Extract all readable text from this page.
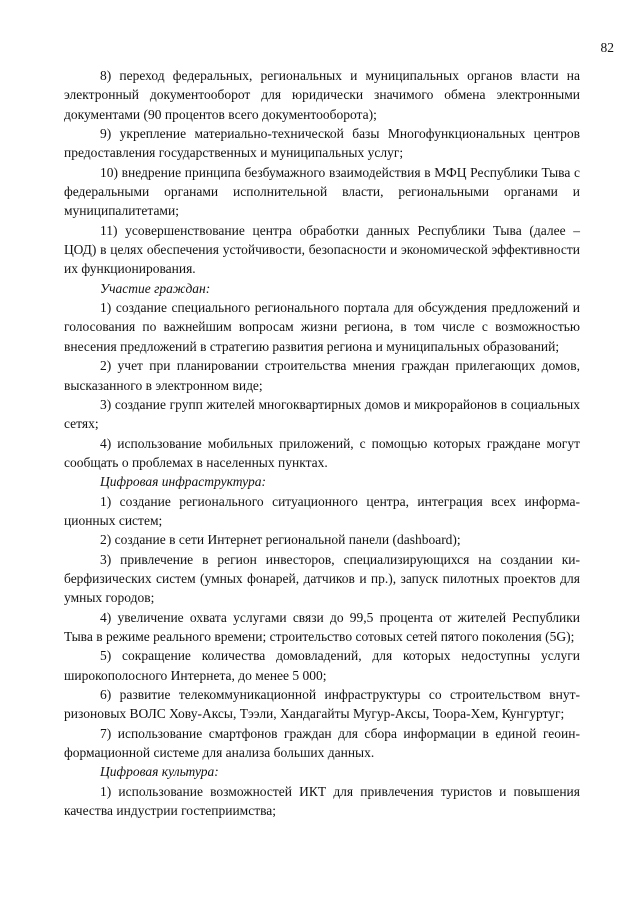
82

8) переход федеральных, региональных и муниципальных органов власти на электронный документооборот для юридически значимого обмена электронными документами (90 процентов всего документооборота);

9) укрепление материально-технической базы Многофункциональных центров предоставления государственных и муниципальных услуг;

10) внедрение принципа безбумажного взаимодействия в МФЦ Республики Тыва с федеральными органами исполнительной власти, региональными органами и муниципалитетами;

11) усовершенствование центра обработки данных Республики Тыва (далее – ЦОД) в целях обеспечения устойчивости, безопасности и экономической эффективности их функционирования.

Участие граждан:

1) создание специального регионального портала для обсуждения предложений и голосования по важнейшим вопросам жизни региона, в том числе с возможностью внесения предложений в стратегию развития региона и муниципальных образований;

2) учет при планировании строительства мнения граждан прилегающих домов, высказанного в электронном виде;

3) создание групп жителей многоквартирных домов и микрорайонов в социальных сетях;

4) использование мобильных приложений, с помощью которых граждане могут сообщать о проблемах в населенных пунктах.

Цифровая инфраструктура:

1) создание регионального ситуационного центра, интеграция всех информационных систем;

2) создание в сети Интернет региональной панели (dashboard);

3) привлечение в регион инвесторов, специализирующихся на создании киберфизических систем (умных фонарей, датчиков и пр.), запуск пилотных проектов для умных городов;

4) увеличение охвата услугами связи до 99,5 процента от жителей Республики Тыва в режиме реального времени; строительство сотовых сетей пятого поколения (5G);

5) сокращение количества домовладений, для которых недоступны услуги широкополосного Интернета, до менее 5 000;

6) развитие телекоммуникационной инфраструктуры со строительством внутризоновых ВОЛС Хову-Аксы, Тээли, Хандагайты Мугур-Аксы, Тоора-Хем, Кунгуртуг;

7) использование смартфонов граждан для сбора информации в единой геоинформационной системе для анализа больших данных.

Цифровая культура:

1) использование возможностей ИКТ для привлечения туристов и повышения качества индустрии гостеприимства;
